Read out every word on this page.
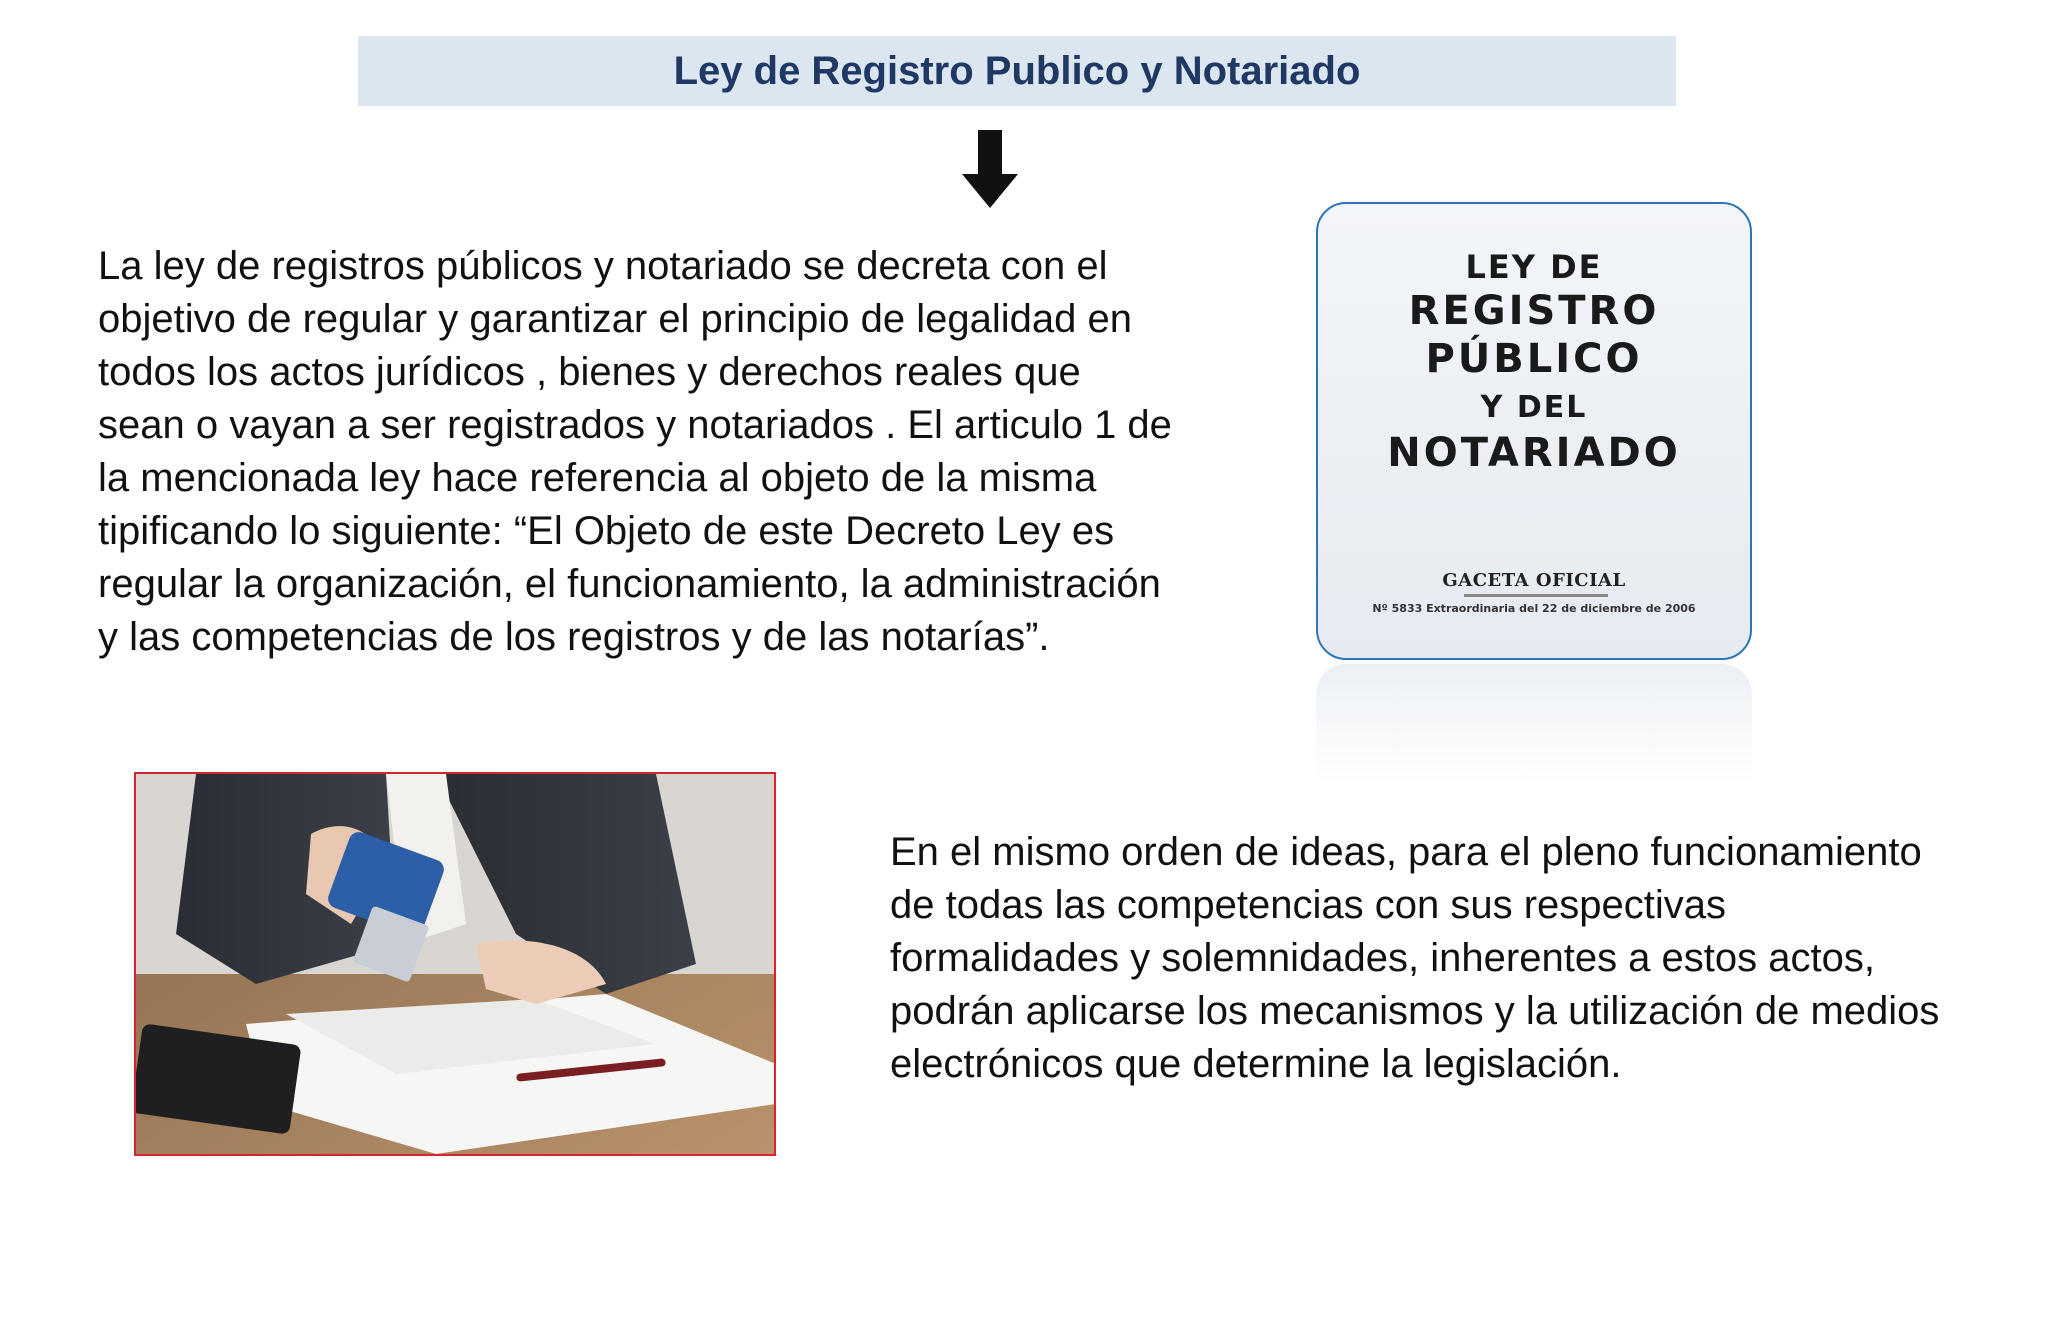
Ley de Registro Publico y Notariado

La ley de registros públicos y notariado se decreta con el objetivo de regular y garantizar el principio de legalidad en todos los actos jurídicos , bienes y derechos reales que sean o vayan a ser registrados y notariados . El articulo 1 de la mencionada ley hace referencia al objeto de la misma tipificando lo siguiente: “El Objeto de este Decreto Ley es regular la organización, el funcionamiento, la administración y las competencias de los registros y de las notarías”.

LEY DE
REGISTRO
PÚBLICO
Y DEL
NOTARIADO
GACETA OFICIAL
Nº 5833 Extraordinaria del 22 de diciembre de 2006

En el mismo orden de ideas, para el pleno funcionamiento de todas las competencias con sus respectivas formalidades y solemnidades, inherentes a estos actos, podrán aplicarse los mecanismos y la utilización de medios electrónicos que determine la legislación.
